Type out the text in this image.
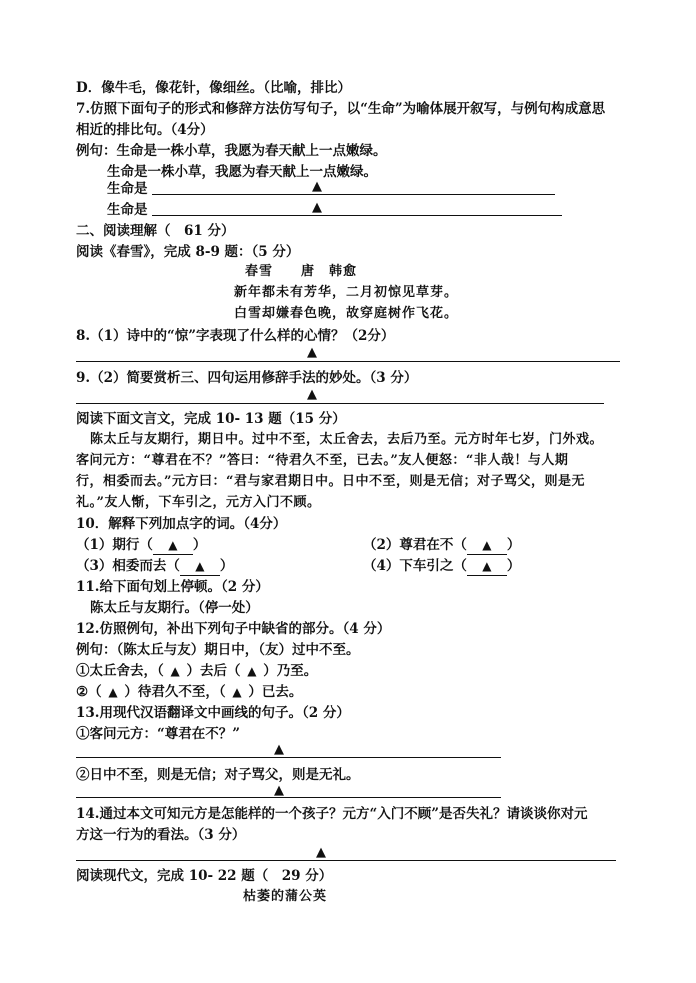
D．像牛毛，像花针，像细丝。（比喻，排比）
7.仿照下面句子的形式和修辞方法仿写句子，以“生命”为喻体展开叙写，与例句构成意思
相近的排比句。（4分）
例句：生命是一株小草，我愿为春天献上一点嫩绿。
生命是一株小草，我愿为春天献上一点嫩绿。
生命是	▲
生命是	▲
二、阅读理解（　61 分）
阅读《春雪》，完成 8-9 题：（5 分）
春雪　　唐　韩愈
新年都未有芳华，二月初惊见草芽。
白雪却嫌春色晚，故穿庭树作飞花。
8.（1）诗中的“惊”字表现了什么样的心情？（2分）
▲
9.（2）简要赏析三、四句运用修辞手法的妙处。（3 分）
▲
阅读下面文言文，完成 10- 13 题（15 分）
陈太丘与友期行，期日中。过中不至，太丘舍去，去后乃至。元方时年七岁，门外戏。
客问元方：“尊君在不？”答曰：“待君久不至，已去。”友人便怒：“非人哉！与人期
行，相委而去。”元方曰：“君与家君期日中。日中不至，则是无信；对子骂父，则是无
礼。”友人惭，下车引之，元方入门不顾。
10．解释下列加点字的词。（4分）
（1）期行（ ▲ ）	（2）尊君在不（ ▲ ）
（3）相委而去（ ▲ ）	（4）下车引之（ ▲ ）
11.给下面句划上停顿。（2 分）
陈太丘与友期行。（停一处）
12.仿照例句，补出下列句子中缺省的部分。（4 分）
例句：（陈太丘与友）期日中，（友）过中不至。
①太丘舍去，（  ▲  ）去后（  ▲  ）乃至。
②（  ▲  ）待君久不至，（  ▲  ）已去。
13.用现代汉语翻译文中画线的句子。（2 分）
①客问元方：“尊君在不？”
▲
②日中不至，则是无信；对子骂父，则是无礼。
▲
14.通过本文可知元方是怎能样的一个孩子？元方“入门不顾”是否失礼？请谈谈你对元
方这一行为的看法。（3 分）
▲
阅读现代文，完成 10- 22 题（　29 分）
枯萎的蒲公英
